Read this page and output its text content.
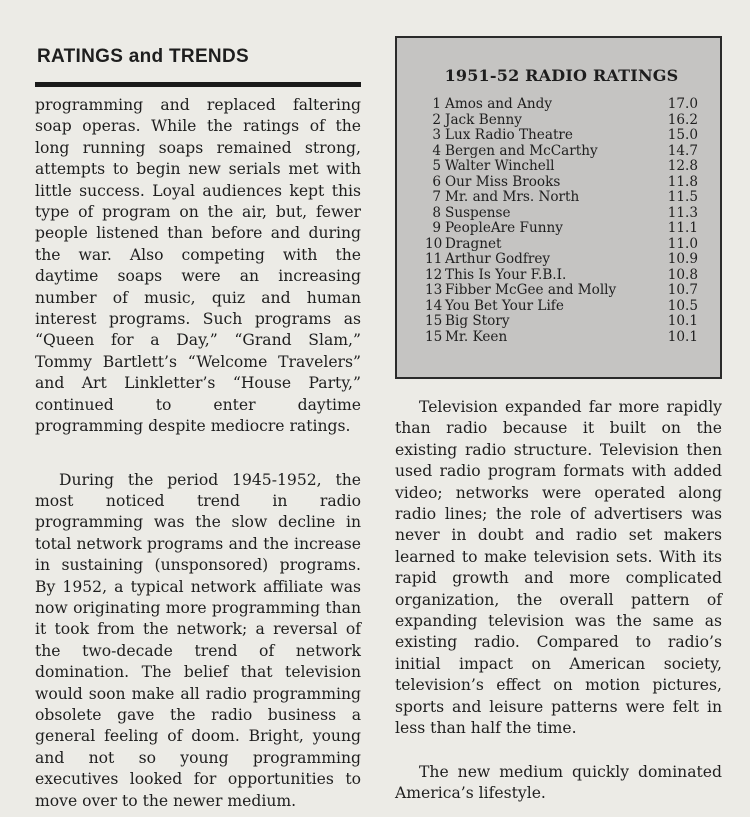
RATINGS and TRENDS

programming and replaced faltering soap operas. While the ratings of the long running soaps remained strong, attempts to begin new serials met with little success. Loyal audiences kept this type of program on the air, but, fewer people listened than before and during the war. Also competing with the daytime soaps were an increasing number of music, quiz and human interest programs. Such programs as “Queen for a Day,” “Grand Slam,” Tommy Bartlett’s “Welcome Travelers” and Art Linkletter’s “House Party,” continued to enter daytime programming despite mediocre ratings.

During the period 1945-1952, the most noticed trend in radio programming was the slow decline in total network programs and the increase in sustaining (unsponsored) programs. By 1952, a typical network affiliate was now originating more programming than it took from the network; a reversal of the two-decade trend of network domination. The belief that television would soon make all radio programming obsolete gave the radio business a general feeling of doom. Bright, young and not so young programming executives looked for opportunities to move over to the newer medium.

1951-52 RADIO RATINGS
1 Amos and Andy	17.0
2 Jack Benny	16.2
3 Lux Radio Theatre	15.0
4 Bergen and McCarthy	14.7
5 Walter Winchell	12.8
6 Our Miss Brooks	11.8
7 Mr. and Mrs. North	11.5
8 Suspense	11.3
9 PeopleAre Funny	11.1
10 Dragnet	11.0
11 Arthur Godfrey	10.9
12 This Is Your F.B.I.	10.8
13 Fibber McGee and Molly	10.7
14 You Bet Your Life	10.5
15 Big Story	10.1
15 Mr. Keen	10.1

Television expanded far more rapidly than radio because it built on the existing radio structure. Television then used radio program formats with added video; networks were operated along radio lines; the role of advertisers was never in doubt and radio set makers learned to make television sets. With its rapid growth and more complicated organization, the overall pattern of expanding television was the same as existing radio. Compared to radio’s initial impact on American society, television’s effect on motion pictures, sports and leisure patterns were felt in less than half the time.

The new medium quickly dominated America’s lifestyle.
